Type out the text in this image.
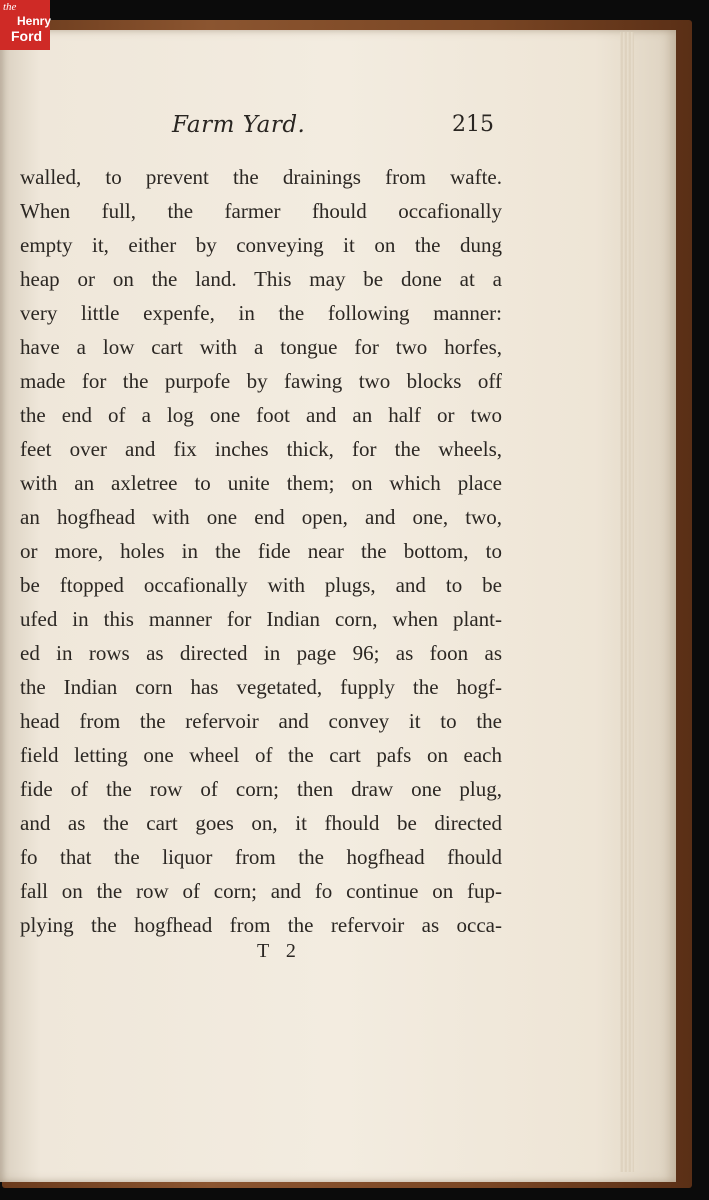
the
Henry
Ford
Farm Yard.	215
walled, to prevent the drainings from wafte.
When full, the farmer fhould occafionally
empty it, either by conveying it on the dung
heap or on the land. This may be done at a
very little expenfe, in the following manner:
have a low cart with a tongue for two horfes,
made for the purpofe by fawing two blocks off
the end of a log one foot and an half or two
feet over and fix inches thick, for the wheels,
with an axletree to unite them; on which place
an hogfhead with one end open, and one, two,
or more, holes in the fide near the bottom, to
be ftopped occafionally with plugs, and to be
ufed in this manner for Indian corn, when plant-
ed in rows as directed in page 96; as foon as
the Indian corn has vegetated, fupply the hogf-
head from the refervoir and convey it to the
field letting one wheel of the cart pafs on each
fide of the row of corn; then draw one plug,
and as the cart goes on, it fhould be directed
fo that the liquor from the hogfhead fhould
fall on the row of corn; and fo continue on fup-
plying the hogfhead from the refervoir as occa-
T 2
